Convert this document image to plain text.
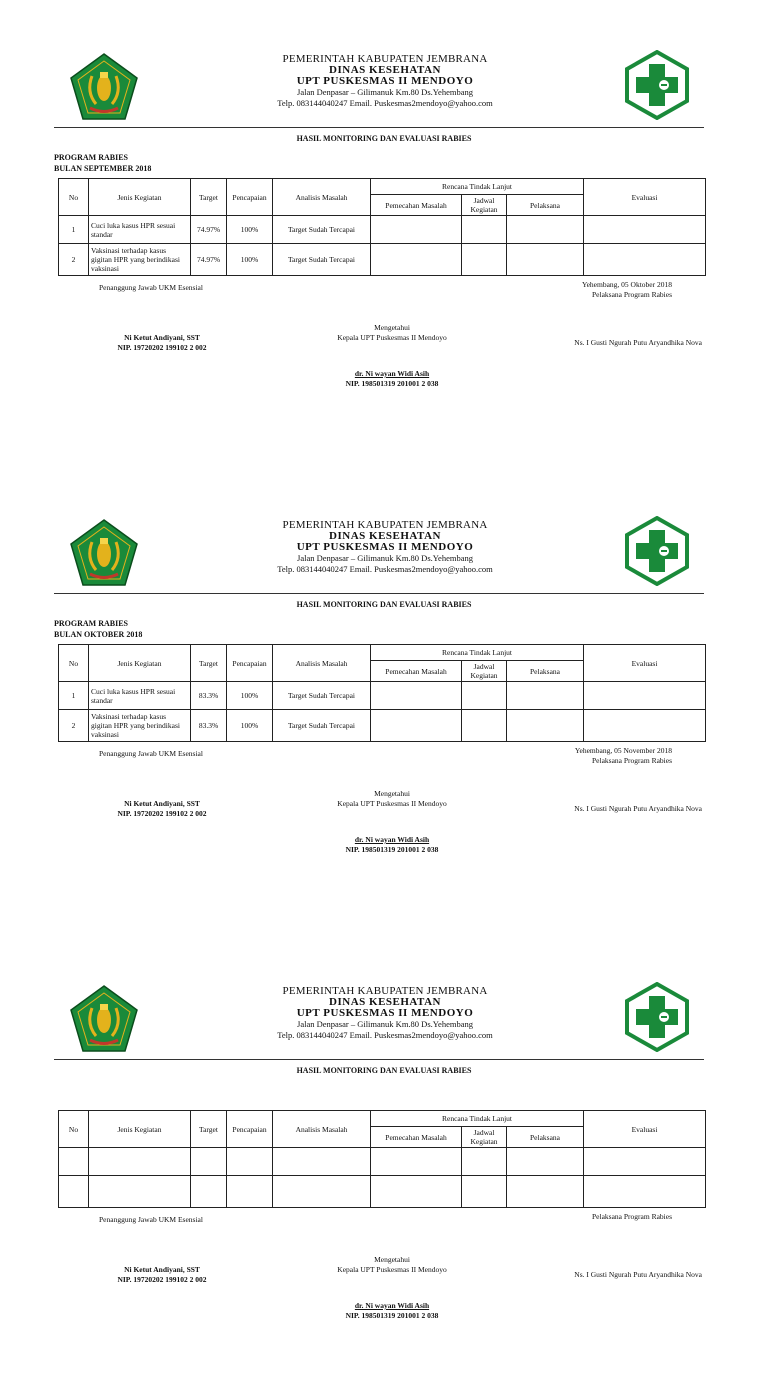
PEMERINTAH KABUPATEN JEMBRANA
DINAS KESEHATAN
UPT PUSKESMAS II MENDOYO
Jalan Denpasar – Gilimanuk Km.80 Ds.Yehembang
Telp. 083144040247 Email. Puskesmas2mendoyo@yahoo.com
HASIL MONITORING DAN EVALUASI RABIES
PROGRAM RABIES
BULAN SEPTEMBER 2018
No	Jenis Kegiatan	Target	Pencapaian	Analisis Masalah	Rencana Tindak Lanjut			Evaluasi
					Pemecahan Masalah	Jadwal Kegiatan	Pelaksana	
1	Cuci luka kasus HPR sesuai standar	74.97%	100%	Target Sudah Tercapai				
2	Vaksinasi terhadap kasus gigitan HPR yang berindikasi vaksinasi	74.97%	100%	Target Sudah Tercapai				
Penanggung Jawab UKM Esensial	Yehembang, 05 Oktober 2018
Pelaksana Program Rabies
Ni Ketut Andiyani, SST
NIP. 19720202 199102 2 002
Mengetahui
Kepala UPT Puskesmas II Mendoyo
Ns. I Gusti Ngurah Putu Aryandhika Nova
dr. Ni wayan Widi Asih
NIP. 198501319 201001 2 038
PEMERINTAH KABUPATEN JEMBRANA
DINAS KESEHATAN
UPT PUSKESMAS II MENDOYO
Jalan Denpasar – Gilimanuk Km.80 Ds.Yehembang
Telp. 083144040247 Email. Puskesmas2mendoyo@yahoo.com
HASIL MONITORING DAN EVALUASI RABIES
PROGRAM RABIES
BULAN OKTOBER 2018
No	Jenis Kegiatan	Target	Pencapaian	Analisis Masalah	Rencana Tindak Lanjut			Evaluasi
					Pemecahan Masalah	Jadwal Kegiatan	Pelaksana	
1	Cuci luka kasus HPR sesuai standar	83.3%	100%	Target Sudah Tercapai				
2	Vaksinasi terhadap kasus gigitan HPR yang berindikasi vaksinasi	83.3%	100%	Target Sudah Tercapai				
Penanggung Jawab UKM Esensial	Yehembang, 05 November 2018
Pelaksana Program Rabies
Ni Ketut Andiyani, SST
NIP. 19720202 199102 2 002
Mengetahui
Kepala UPT Puskesmas II Mendoyo
Ns. I Gusti Ngurah Putu Aryandhika Nova
dr. Ni wayan Widi Asih
NIP. 198501319 201001 2 038
PEMERINTAH KABUPATEN JEMBRANA
DINAS KESEHATAN
UPT PUSKESMAS II MENDOYO
Jalan Denpasar – Gilimanuk Km.80 Ds.Yehembang
Telp. 083144040247 Email. Puskesmas2mendoyo@yahoo.com
HASIL MONITORING DAN EVALUASI RABIES
No	Jenis Kegiatan	Target	Pencapaian	Analisis Masalah	Rencana Tindak Lanjut			Evaluasi
					Pemecahan Masalah	Jadwal Kegiatan	Pelaksana	

Penanggung Jawab UKM Esensial	Pelaksana Program Rabies
Ni Ketut Andiyani, SST
NIP. 19720202 199102 2 002
Mengetahui
Kepala UPT Puskesmas II Mendoyo
Ns. I Gusti Ngurah Putu Aryandhika Nova
dr. Ni wayan Widi Asih
NIP. 198501319 201001 2 038
